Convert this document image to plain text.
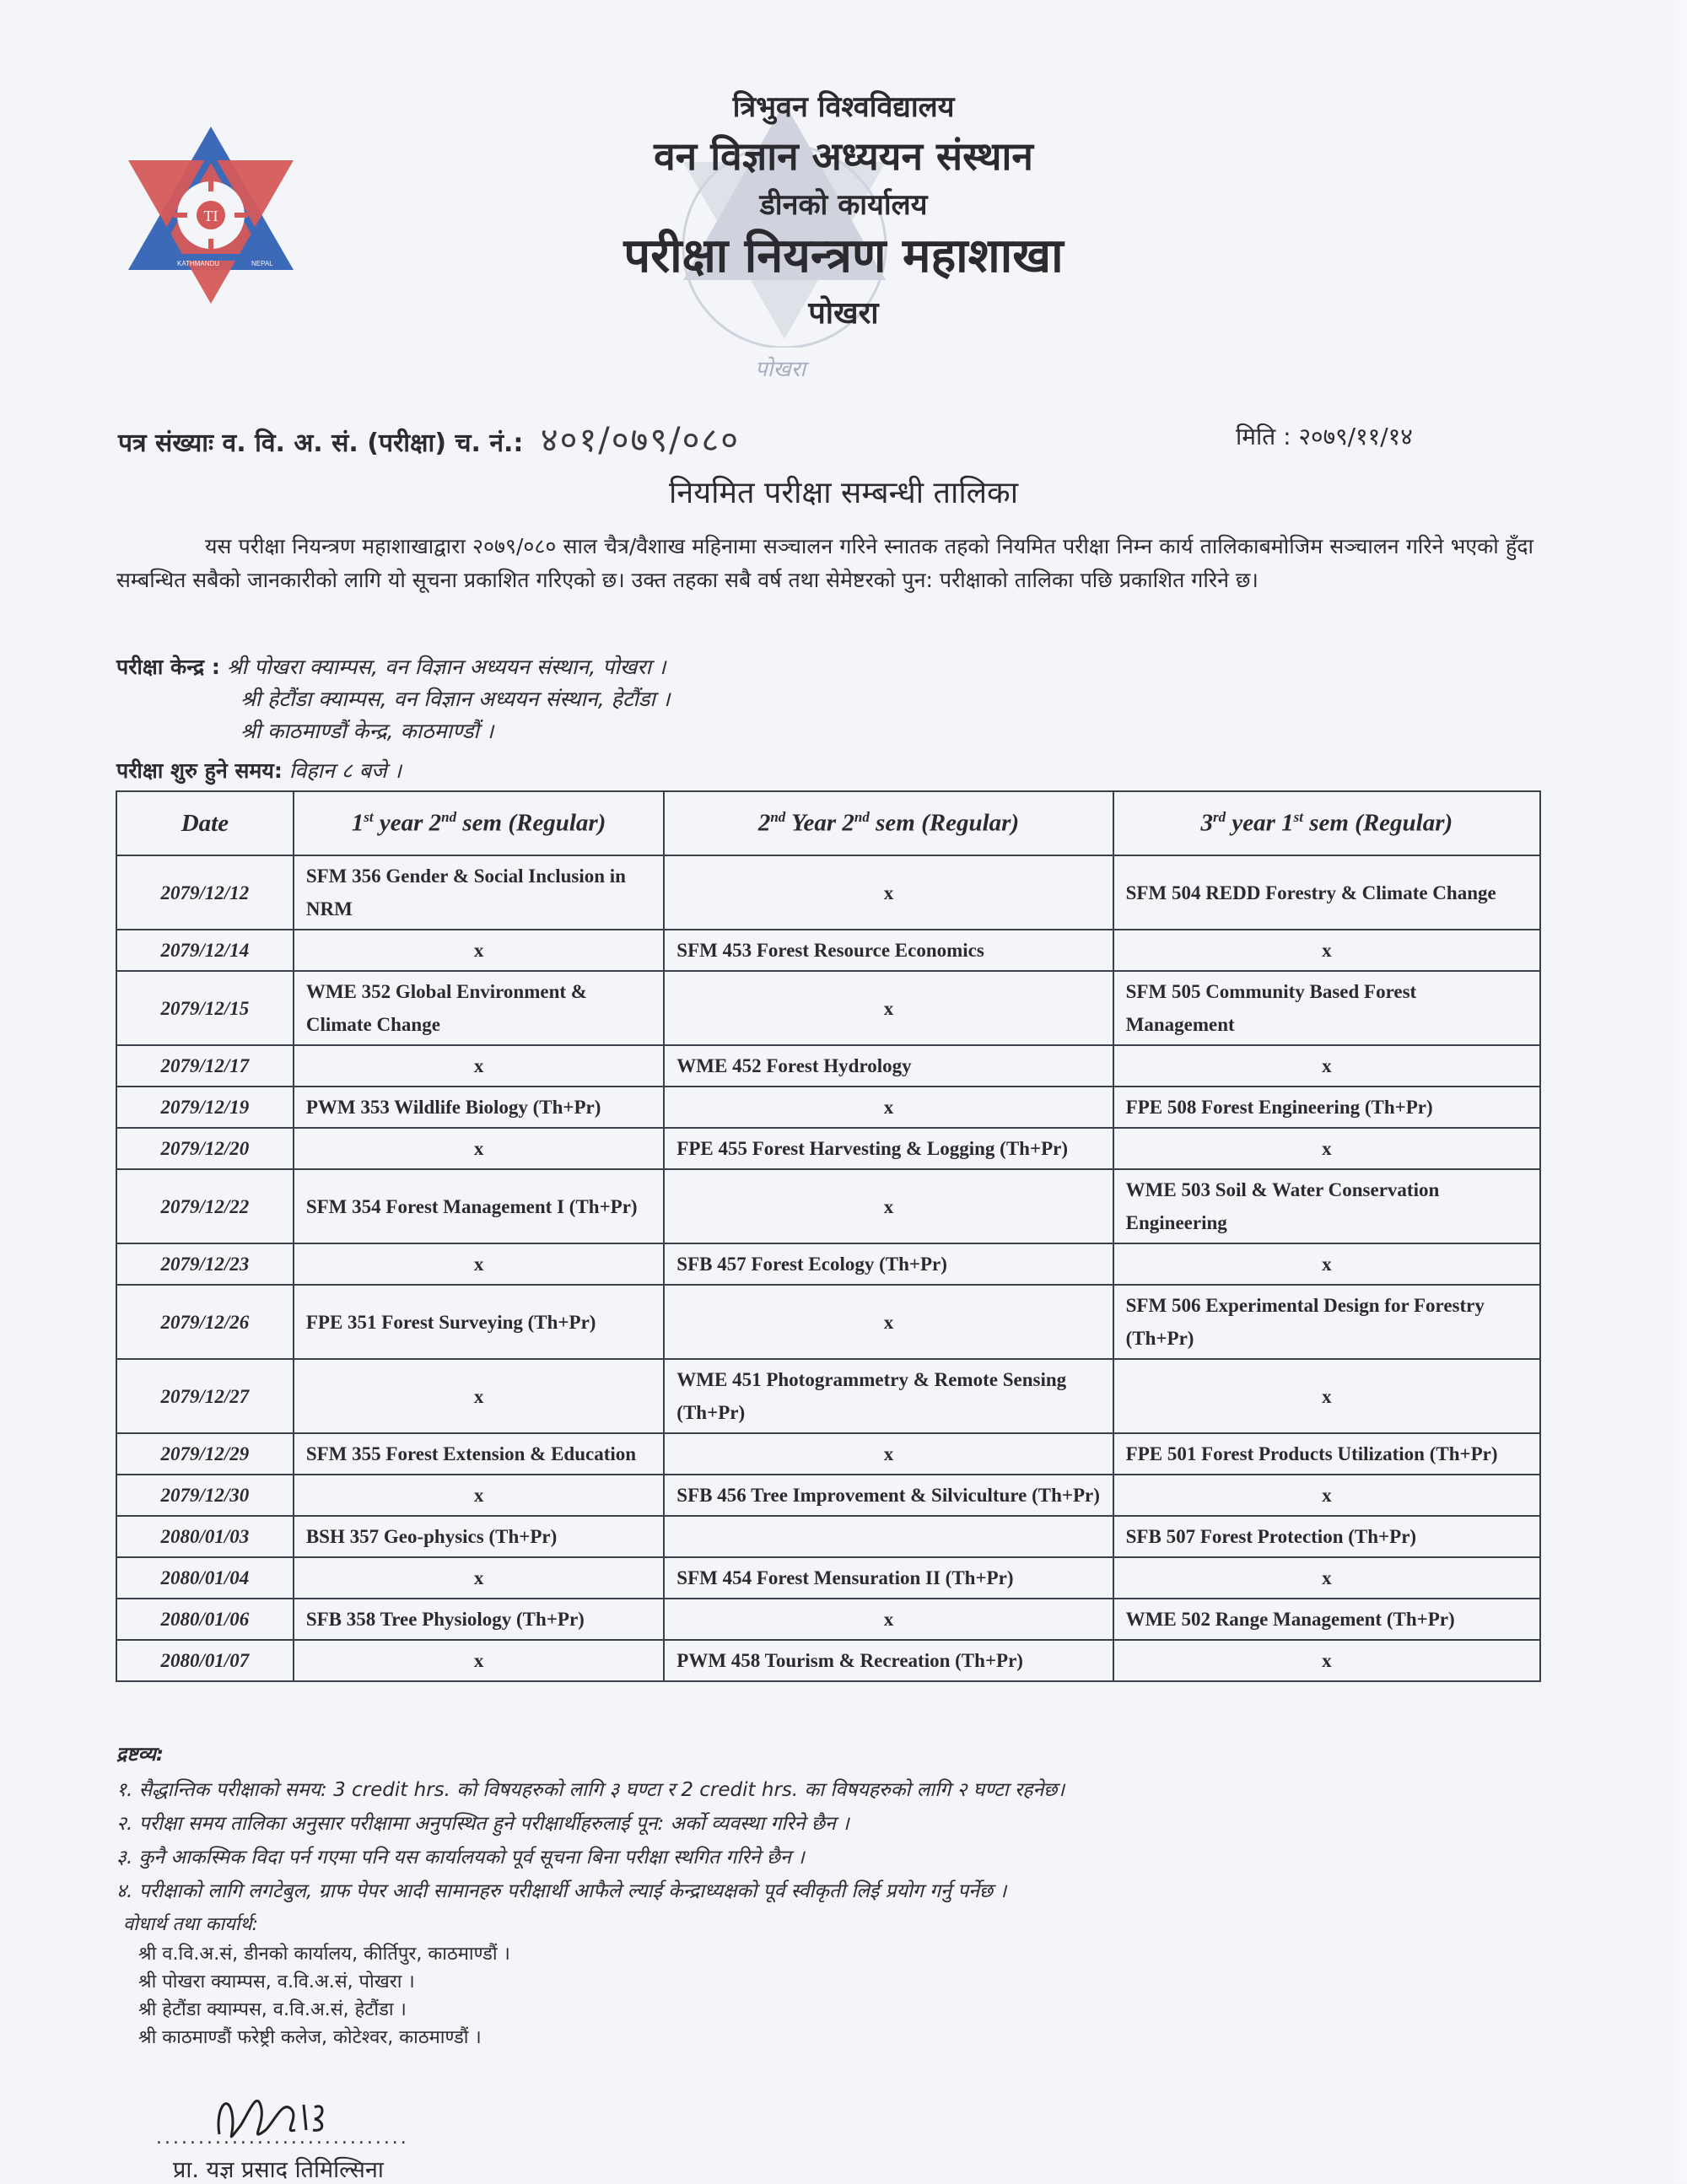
TI
KATHMANDU	NEPAL
त्रिभुवन विश्वविद्यालय
वन विज्ञान अध्ययन संस्थान
डीनको कार्यालय
परीक्षा नियन्त्रण महाशाखा
पोखरा
पोखरा
पत्र संख्याः व. वि. अ. सं. (परीक्षा) च. नं.: ४०१/०७९/०८०	मिति : २०७९/११/१४
नियमित परीक्षा सम्बन्धी तालिका
यस परीक्षा नियन्त्रण महाशाखाद्वारा २०७९/०८० साल चैत्र/वैशाख महिनामा सञ्चालन गरिने स्नातक तहको नियमित परीक्षा निम्न कार्य तालिकाबमोजिम सञ्चालन गरिने भएको हुँदा सम्बन्धित सबैको जानकारीको लागि यो सूचना प्रकाशित गरिएको छ। उक्त तहका सबै वर्ष तथा सेमेष्टरको पुन: परीक्षाको तालिका पछि प्रकाशित गरिने छ।
परीक्षा केन्द्र : श्री पोखरा क्याम्पस, वन विज्ञान अध्ययन संस्थान, पोखरा ।
श्री हेटौंडा क्याम्पस, वन विज्ञान अध्ययन संस्थान, हेटौंडा ।
श्री काठमाण्डौं केन्द्र, काठमाण्डौं ।
परीक्षा शुरु हुने समय: विहान ८ बजे ।
Date	1st year 2nd sem (Regular)	2nd Year 2nd sem (Regular)	3rd year 1st sem (Regular)
2079/12/12	SFM 356 Gender & Social Inclusion in NRM	x	SFM 504 REDD Forestry & Climate Change
2079/12/14	x	SFM 453 Forest Resource Economics	x
2079/12/15	WME 352 Global Environment & Climate Change	x	SFM 505 Community Based Forest Management
2079/12/17	x	WME 452 Forest Hydrology	x
2079/12/19	PWM 353 Wildlife Biology (Th+Pr)	x	FPE 508 Forest Engineering (Th+Pr)
2079/12/20	x	FPE 455 Forest Harvesting & Logging (Th+Pr)	x
2079/12/22	SFM 354 Forest Management I (Th+Pr)	x	WME 503 Soil & Water Conservation Engineering
2079/12/23	x	SFB 457 Forest Ecology (Th+Pr)	x
2079/12/26	FPE 351 Forest Surveying (Th+Pr)	x	SFM 506 Experimental Design for Forestry (Th+Pr)
2079/12/27	x	WME 451 Photogrammetry & Remote Sensing (Th+Pr)	x
2079/12/29	SFM 355 Forest Extension & Education	x	FPE 501 Forest Products Utilization (Th+Pr)
2079/12/30	x	SFB 456 Tree Improvement & Silviculture (Th+Pr)	x
2080/01/03	BSH 357 Geo-physics (Th+Pr)		SFB 507 Forest Protection (Th+Pr)
2080/01/04	x	SFM 454 Forest Mensuration II (Th+Pr)	x
2080/01/06	SFB 358 Tree Physiology (Th+Pr)	x	WME 502 Range Management (Th+Pr)
2080/01/07	x	PWM 458 Tourism & Recreation (Th+Pr)	x
द्रष्टव्य:
१. सैद्धान्तिक परीक्षाको समय: 3 credit hrs. को विषयहरुको लागि ३ घण्टा र 2 credit hrs. का विषयहरुको लागि २ घण्टा रहनेछ।
२. परीक्षा समय तालिका अनुसार परीक्षामा अनुपस्थित हुने परीक्षार्थीहरुलाई पून: अर्को व्यवस्था गरिने छैन ।
३. कुनै आकस्मिक विदा पर्न गएमा पनि यस कार्यालयको पूर्व सूचना बिना परीक्षा स्थगित गरिने छैन ।
४. परीक्षाको लागि लगटेबुल, ग्राफ पेपर आदी सामानहरु परीक्षार्थी आफैले ल्याई केन्द्राध्यक्षको पूर्व स्वीकृती लिई प्रयोग गर्नु पर्नेछ ।
वोधार्थ तथा कार्यार्थ:
श्री व.वि.अ.सं, डीनको कार्यालय, कीर्तिपुर, काठमाण्डौं ।
श्री पोखरा क्याम्पस, व.वि.अ.सं, पोखरा ।
श्री हेटौंडा क्याम्पस, व.वि.अ.सं, हेटौंडा ।
श्री काठमाण्डौं फरेष्ट्री कलेज, कोटेश्वर, काठमाण्डौं ।
..............................
प्रा. यज्ञ प्रसाद तिमिल्सिना
